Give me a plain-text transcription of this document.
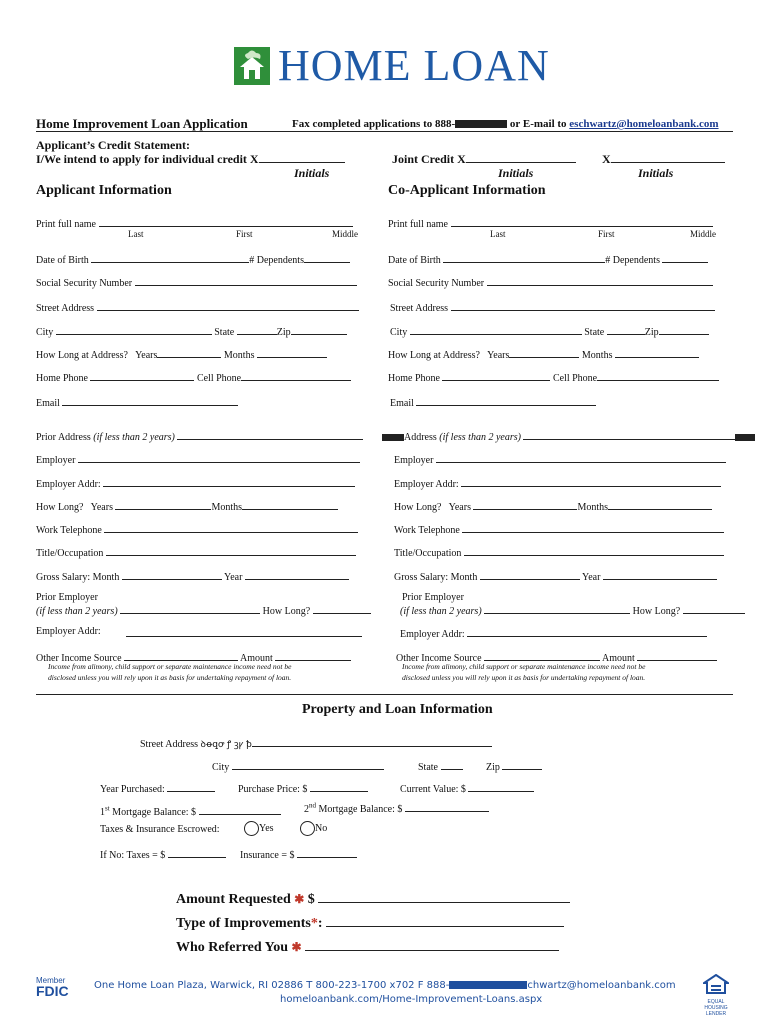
HOME LOAN
Home Improvement Loan Application	Fax completed applications to 888-	or E-mail to eschwartz@homeloanbank.com
Applicant’s Credit Statement:
I/We intend to apply for individual credit X
Initials
Joint Credit X
Initials
X
Initials
Applicant Information	Co-Applicant Information
Print full name
Last	First	Middle
Date of Birth	# Dependents
Social Security Number
Street Address
City	State	Zip
How Long at Address? Years	Months
Home Phone	Cell Phone
Email
Prior Address (if less than 2 years)
Employer
Employer Addr:
How Long? Years	Months
Work Telephone
Title/Occupation
Gross Salary: Month	Year
Prior Employer
(if less than 2 years)	How Long?
Employer Addr:
Other Income Source	Amount
Income from alimony, child support or separate maintenance income need not be
disclosed unless you will rely upon it as basis for undertaking repayment of loan.
Print full name
Last	First	Middle
Date of Birth	# Dependents
Social Security Number
Street Address
City	State	Zip
How Long at Address? Years	Months
Home Phone	Cell Phone
Email
Address (if less than 2 years)
Employer
Employer Addr:
How Long? Years	Months
Work Telephone
Title/Occupation
Gross Salary: Month	Year
Prior Employer
(if less than 2 years)	How Long?
Employer Addr:
Other Income Source	Amount
Income from alimony, child support or separate maintenance income need not be
disclosed unless you will rely upon it as basis for undertaking repayment of loan.
Property and Loan Information
Street Address ꝺꝋꝗꝍ ꝭ ꝫꝩ ꝥ
City	State	Zip
Year Purchased:	Purchase Price: $	Current Value: $
1st Mortgage Balance: $	2nd Mortgage Balance: $
Taxes & Insurance Escrowed:	Yes	No
If No: Taxes = $	Insurance = $
Amount Requested ✱ $
Type of Improvements*:
Who Referred You ✱
Member
FDIC	One Home Loan Plaza, Warwick, RI 02886 T 800-223-1700 x702 F 888-	chwartz@homeloanbank.com
homeloanbank.com/Home-Improvement-Loans.aspx	EQUAL HOUSING LENDER
